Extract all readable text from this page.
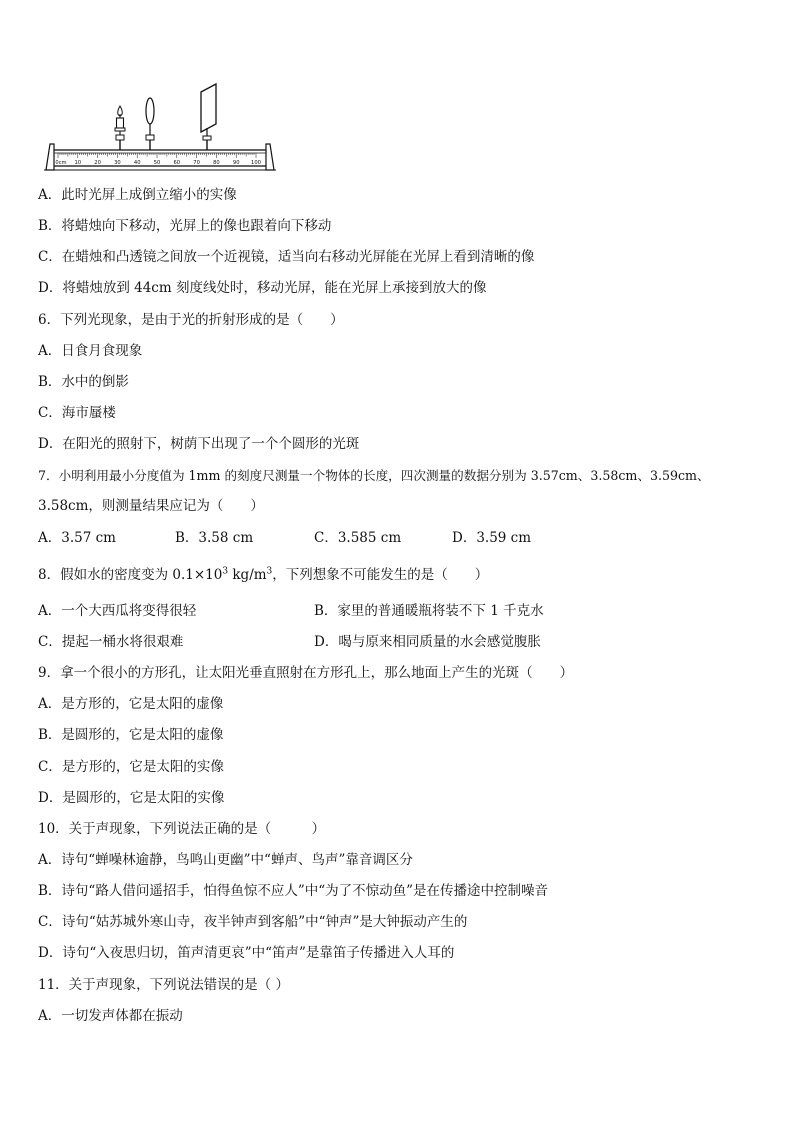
0cm 10	20	30	40	50	60	70	80	90 100
A．此时光屏上成倒立缩小的实像
B．将蜡烛向下移动，光屏上的像也跟着向下移动
C．在蜡烛和凸透镜之间放一个近视镜，适当向右移动光屏能在光屏上看到清晰的像
D．将蜡烛放到 44cm 刻度线处时，移动光屏，能在光屏上承接到放大的像
6．下列光现象，是由于光的折射形成的是（　　）
A．日食月食现象
B．水中的倒影
C．海市蜃楼
D．在阳光的照射下，树荫下出现了一个个圆形的光斑
7．小明利用最小分度值为 1mm 的刻度尺测量一个物体的长度，四次测量的数据分别为 3.57cm、3.58cm、3.59cm、
3.58cm，则测量结果应记为（　　）
A．3.57 cm	B．3.58 cm	C．3.585 cm	D．3.59 cm
8．假如水的密度变为 $0.1\times 10^3$ $kg/m^3$，下列想象不可能发生的是（　　）
A．一个大西瓜将变得很轻	B．家里的普通暖瓶将装不下 1 千克水
C．提起一桶水将很艰难	D．喝与原来相同质量的水会感觉腹胀
9．拿一个很小的方形孔，让太阳光垂直照射在方形孔上，那么地面上产生的光斑（　　）
A．是方形的，它是太阳的虚像
B．是圆形的，它是太阳的虚像
C．是方形的，它是太阳的实像
D．是圆形的，它是太阳的实像
10．关于声现象，下列说法正确的是（　　　）
A．诗句“蝉噪林逾静，鸟鸣山更幽”中“蝉声、鸟声”靠音调区分
B．诗句“路人借问遥招手，怕得鱼惊不应人”中“为了不惊动鱼”是在传播途中控制噪音
C．诗句“姑苏城外寒山寺，夜半钟声到客船”中“钟声”是大钟振动产生的
D．诗句“入夜思归切，笛声清更哀”中“笛声”是靠笛子传播进入人耳的
11．关于声现象，下列说法错误的是（ ）
A．一切发声体都在振动
